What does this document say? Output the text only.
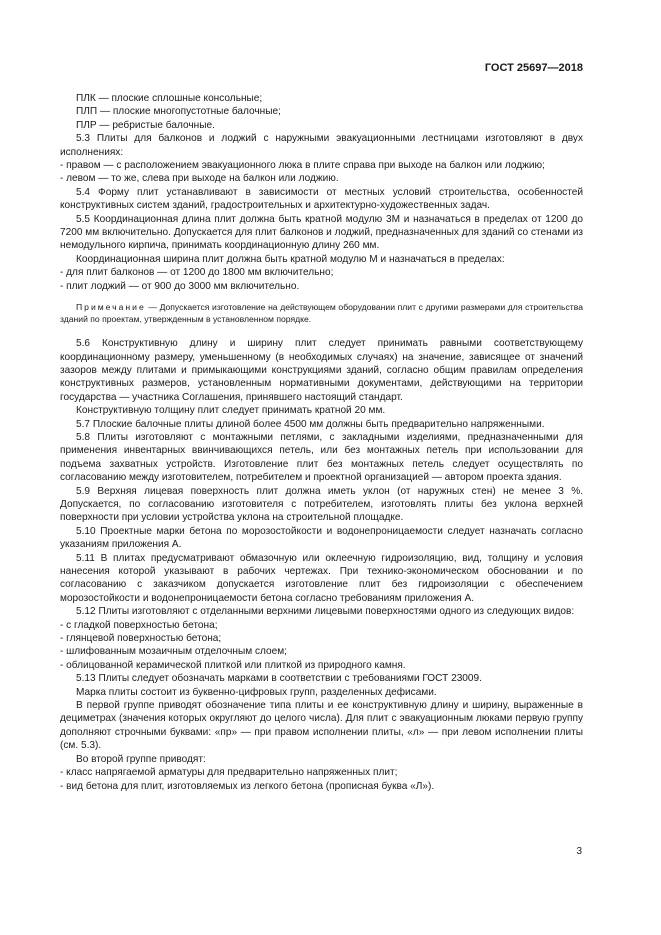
ГОСТ 25697—2018

ПЛК — плоские сплошные консольные;

ПЛП — плоские многопустотные балочные;

ПЛР — ребристые балочные.

5.3 Плиты для балконов и лоджий с наружными эвакуационными лестницами изготовляют в двух исполнениях:

- правом — с расположением эвакуационного люка в плите справа при выходе на балкон или лоджию;

- левом — то же, слева при выходе на балкон или лоджию.

5.4 Форму плит устанавливают в зависимости от местных условий строительства, особенностей конструктивных систем зданий, градостроительных и архитектурно-художественных задач.

5.5 Координационная длина плит должна быть кратной модулю 3М и назначаться в пределах от 1200 до 7200 мм включительно. Допускается для плит балконов и лоджий, предназначенных для зданий со стенами из немодульного кирпича, принимать координационную длину 260 мм.

Координационная ширина плит должна быть кратной модулю М и назначаться в пределах:

- для плит балконов — от 1200 до 1800 мм включительно;

- плит лоджий — от 900 до 3000 мм включительно.

Примечание — Допускается изготовление на действующем оборудовании плит с другими размерами для строительства зданий по проектам, утвержденным в установленном порядке.

5.6 Конструктивную длину и ширину плит следует принимать равными соответствующему координационному размеру, уменьшенному (в необходимых случаях) на значение, зависящее от значений зазоров между плитами и примыкающими конструкциями зданий, согласно общим правилам определения конструктивных размеров, установленным нормативными документами, действующими на территории государства — участника Соглашения, принявшего настоящий стандарт.

Конструктивную толщину плит следует принимать кратной 20 мм.

5.7 Плоские балочные плиты длиной более 4500 мм должны быть предварительно напряженными.

5.8 Плиты изготовляют с монтажными петлями, с закладными изделиями, предназначенными для применения инвентарных ввинчивающихся петель, или без монтажных петель при использовании для подъема захватных устройств. Изготовление плит без монтажных петель следует осуществлять по согласованию между изготовителем, потребителем и проектной организацией — автором проекта здания.

5.9 Верхняя лицевая поверхность плит должна иметь уклон (от наружных стен) не менее 3 %. Допускается, по согласованию изготовителя с потребителем, изготовлять плиты без уклона верхней поверхности при условии устройства уклона на строительной площадке.

5.10 Проектные марки бетона по морозостойкости и водонепроницаемости следует назначать согласно указаниям приложения А.

5.11 В плитах предусматривают обмазочную или оклеечную гидроизоляцию, вид, толщину и условия нанесения которой указывают в рабочих чертежах. При технико-экономическом обосновании и по согласованию с заказчиком допускается изготовление плит без гидроизоляции с обеспечением морозостойкости и водонепроницаемости бетона согласно требованиям приложения А.

5.12 Плиты изготовляют с отделанными верхними лицевыми поверхностями одного из следующих видов:

- с гладкой поверхностью бетона;

- глянцевой поверхностью бетона;

- шлифованным мозаичным отделочным слоем;

- облицованной керамической плиткой или плиткой из природного камня.

5.13 Плиты следует обозначать марками в соответствии с требованиями ГОСТ 23009.

Марка плиты состоит из буквенно-цифровых групп, разделенных дефисами.

В первой группе приводят обозначение типа плиты и ее конструктивную длину и ширину, выраженные в дециметрах (значения которых округляют до целого числа). Для плит с эвакуационным люками первую группу дополняют строчными буквами: «пр» — при правом исполнении плиты, «л» — при левом исполнении плиты (см. 5.3).

Во второй группе приводят:

- класс напрягаемой арматуры для предварительно напряженных плит;

- вид бетона для плит, изготовляемых из легкого бетона (прописная буква «Л»).

3
